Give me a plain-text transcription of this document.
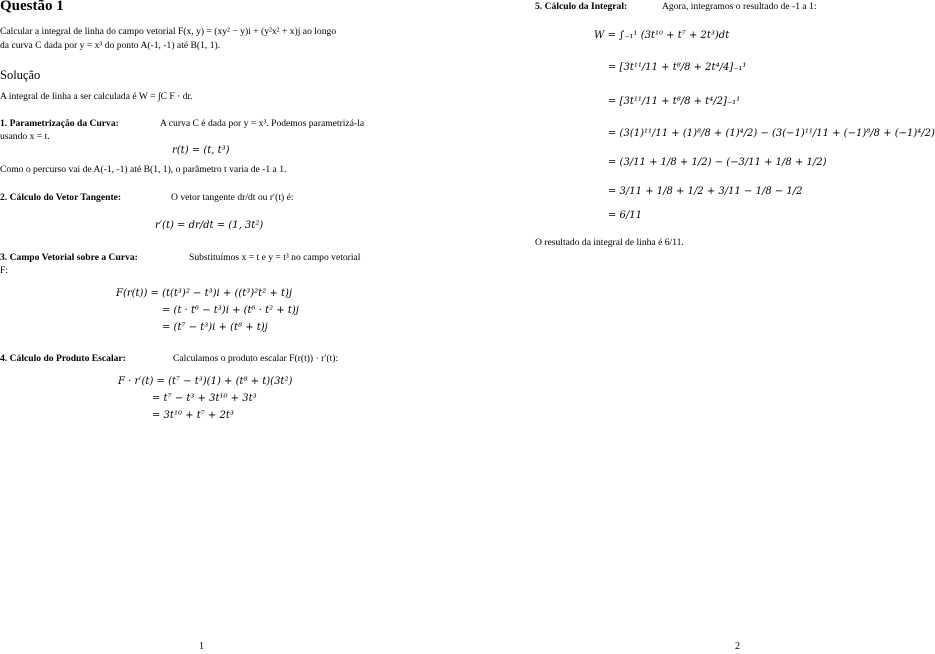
Questão 1
Calcular a integral de linha do campo vetorial F(x, y) = (xy² − y)i + (y²x² + x)j ao longo
da curva C dada por y = x³ do ponto A(-1, -1) até B(1, 1).
Solução
A integral de linha a ser calculada é W = ∫C F · dr.
1. Parametrização da Curva:	A curva C é dada por y = x³. Podemos parametrizá-la
usando x = t.
r(t) = (t, t³)
Como o percurso vai de A(-1, -1) até B(1, 1), o parâmetro t varia de -1 a 1.
2. Cálculo do Vetor Tangente:	O vetor tangente dr/dt ou r′(t) é:
r′(t) = dr/dt = (1, 3t²)
3. Campo Vetorial sobre a Curva:	Substituímos x = t e y = t³ no campo vetorial
F:
F(r(t)) = (t(t³)² − t³)i + ((t³)²t² + t)j
= (t · t⁶ − t³)i + (t⁶ · t² + t)j
= (t⁷ − t³)i + (t⁸ + t)j
4. Cálculo do Produto Escalar:	Calculamos o produto escalar F(r(t)) · r′(t):
F · r′(t) = (t⁷ − t³)(1) + (t⁸ + t)(3t²)
= t⁷ − t³ + 3t¹⁰ + 3t³
= 3t¹⁰ + t⁷ + 2t³
1
5. Cálculo da Integral:	Agora, integramos o resultado de -1 a 1:
W = ∫₋₁¹ (3t¹⁰ + t⁷ + 2t³)dt
= [3t¹¹/11 + t⁸/8 + 2t⁴/4]₋₁¹
= [3t¹¹/11 + t⁸/8 + t⁴/2]₋₁¹
= (3(1)¹¹/11 + (1)⁸/8 + (1)⁴/2) − (3(−1)¹¹/11 + (−1)⁸/8 + (−1)⁴/2)
= (3/11 + 1/8 + 1/2) − (−3/11 + 1/8 + 1/2)
= 3/11 + 1/8 + 1/2 + 3/11 − 1/8 − 1/2
= 6/11
O resultado da integral de linha é 6/11.
2
